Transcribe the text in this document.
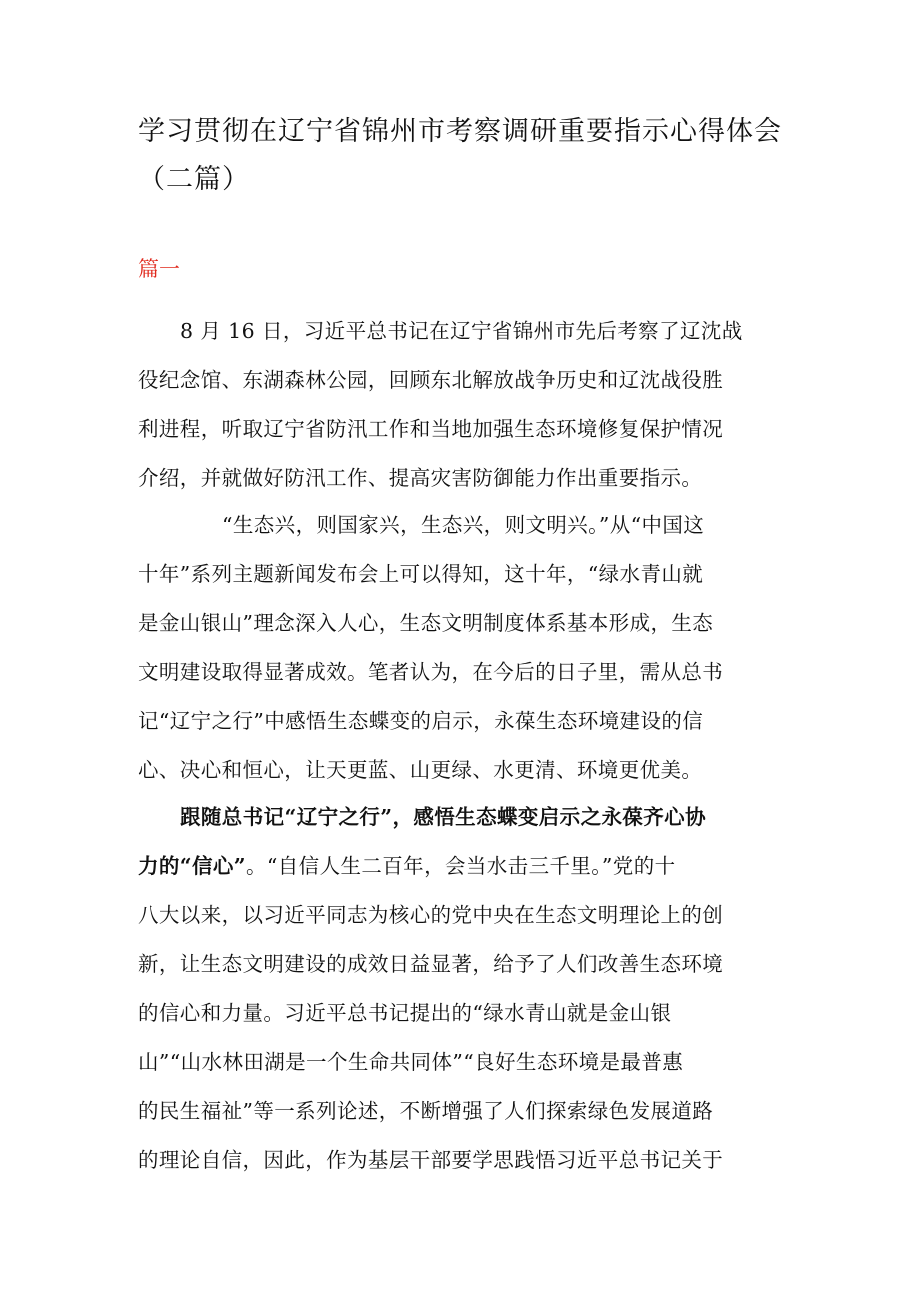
学习贯彻在辽宁省锦州市考察调研重要指示心得体会
（二篇）
篇一
8 月 16 日，习近平总书记在辽宁省锦州市先后考察了辽沈战
役纪念馆、东湖森林公园，回顾东北解放战争历史和辽沈战役胜
利进程，听取辽宁省防汛工作和当地加强生态环境修复保护情况
介绍，并就做好防汛工作、提高灾害防御能力作出重要指示。
“生态兴，则国家兴，生态兴，则文明兴。”从“中国这
十年”系列主题新闻发布会上可以得知，这十年，“绿水青山就
是金山银山”理念深入人心，生态文明制度体系基本形成，生态
文明建设取得显著成效。笔者认为，在今后的日子里，需从总书
记“辽宁之行”中感悟生态蝶变的启示，永葆生态环境建设的信
心、决心和恒心，让天更蓝、山更绿、水更清、环境更优美。
跟随总书记“辽宁之行”，感悟生态蝶变启示之永葆齐心协
力的“信心”。“自信人生二百年，会当水击三千里。”党的十
八大以来，以习近平同志为核心的党中央在生态文明理论上的创
新，让生态文明建设的成效日益显著，给予了人们改善生态环境
的信心和力量。习近平总书记提出的“绿水青山就是金山银
山”“山水林田湖是一个生命共同体”“良好生态环境是最普惠
的民生福祉”等一系列论述，不断增强了人们探索绿色发展道路
的理论自信，因此，作为基层干部要学思践悟习近平总书记关于
